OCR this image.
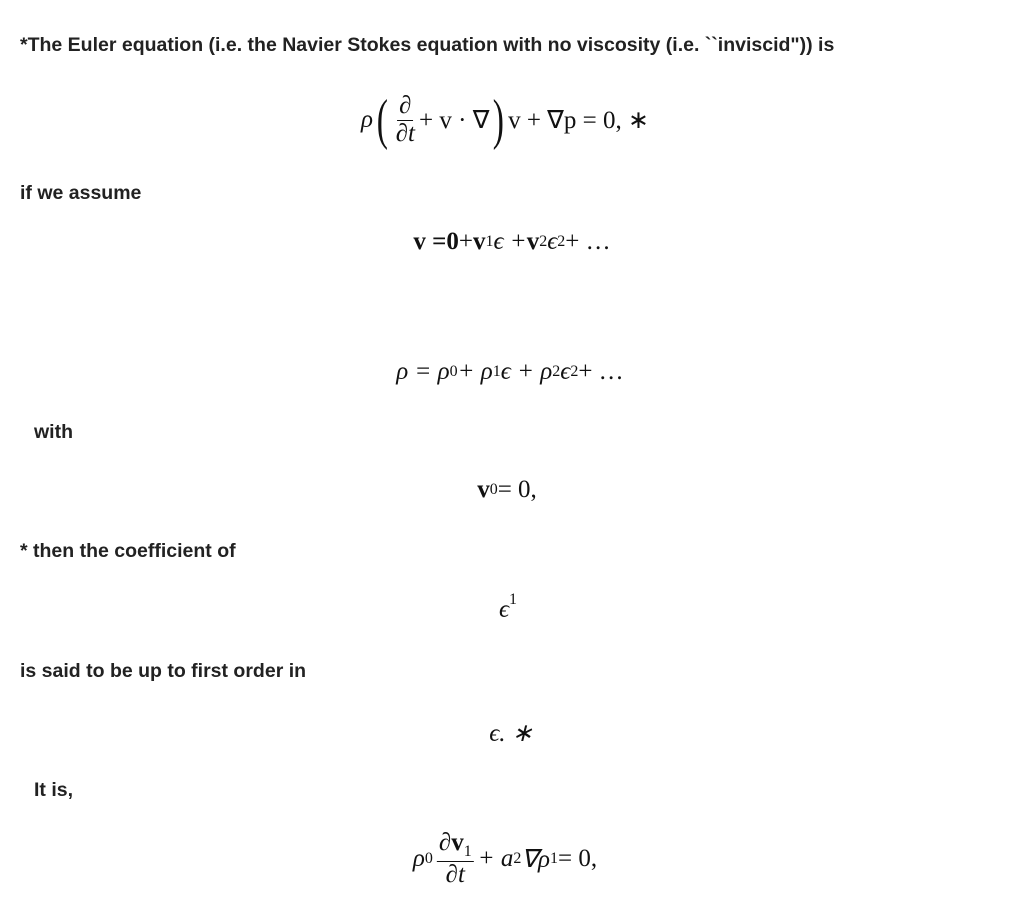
*The Euler equation (i.e. the Navier Stokes equation with no viscosity (i.e. ``inviscid")) is
ρ ( $\frac{\partial}{\partial t} + v$ · ∇ ) v + ∇p = 0, ∗
if we assume
v = 0 + v 1 ϵ + v 2 ϵ 2 + …
ρ = ρ 0 + ρ 1 ϵ + ρ 2 ϵ 2 + …
with
v 0 = 0,
* then the coefficient of
$\epsilon^1$
is said to be up to first order in
ϵ. ∗
It is,
ρ $0 \frac{\partial v_1}{\partial t} + a$ 2 ∇ρ 1 = 0,
